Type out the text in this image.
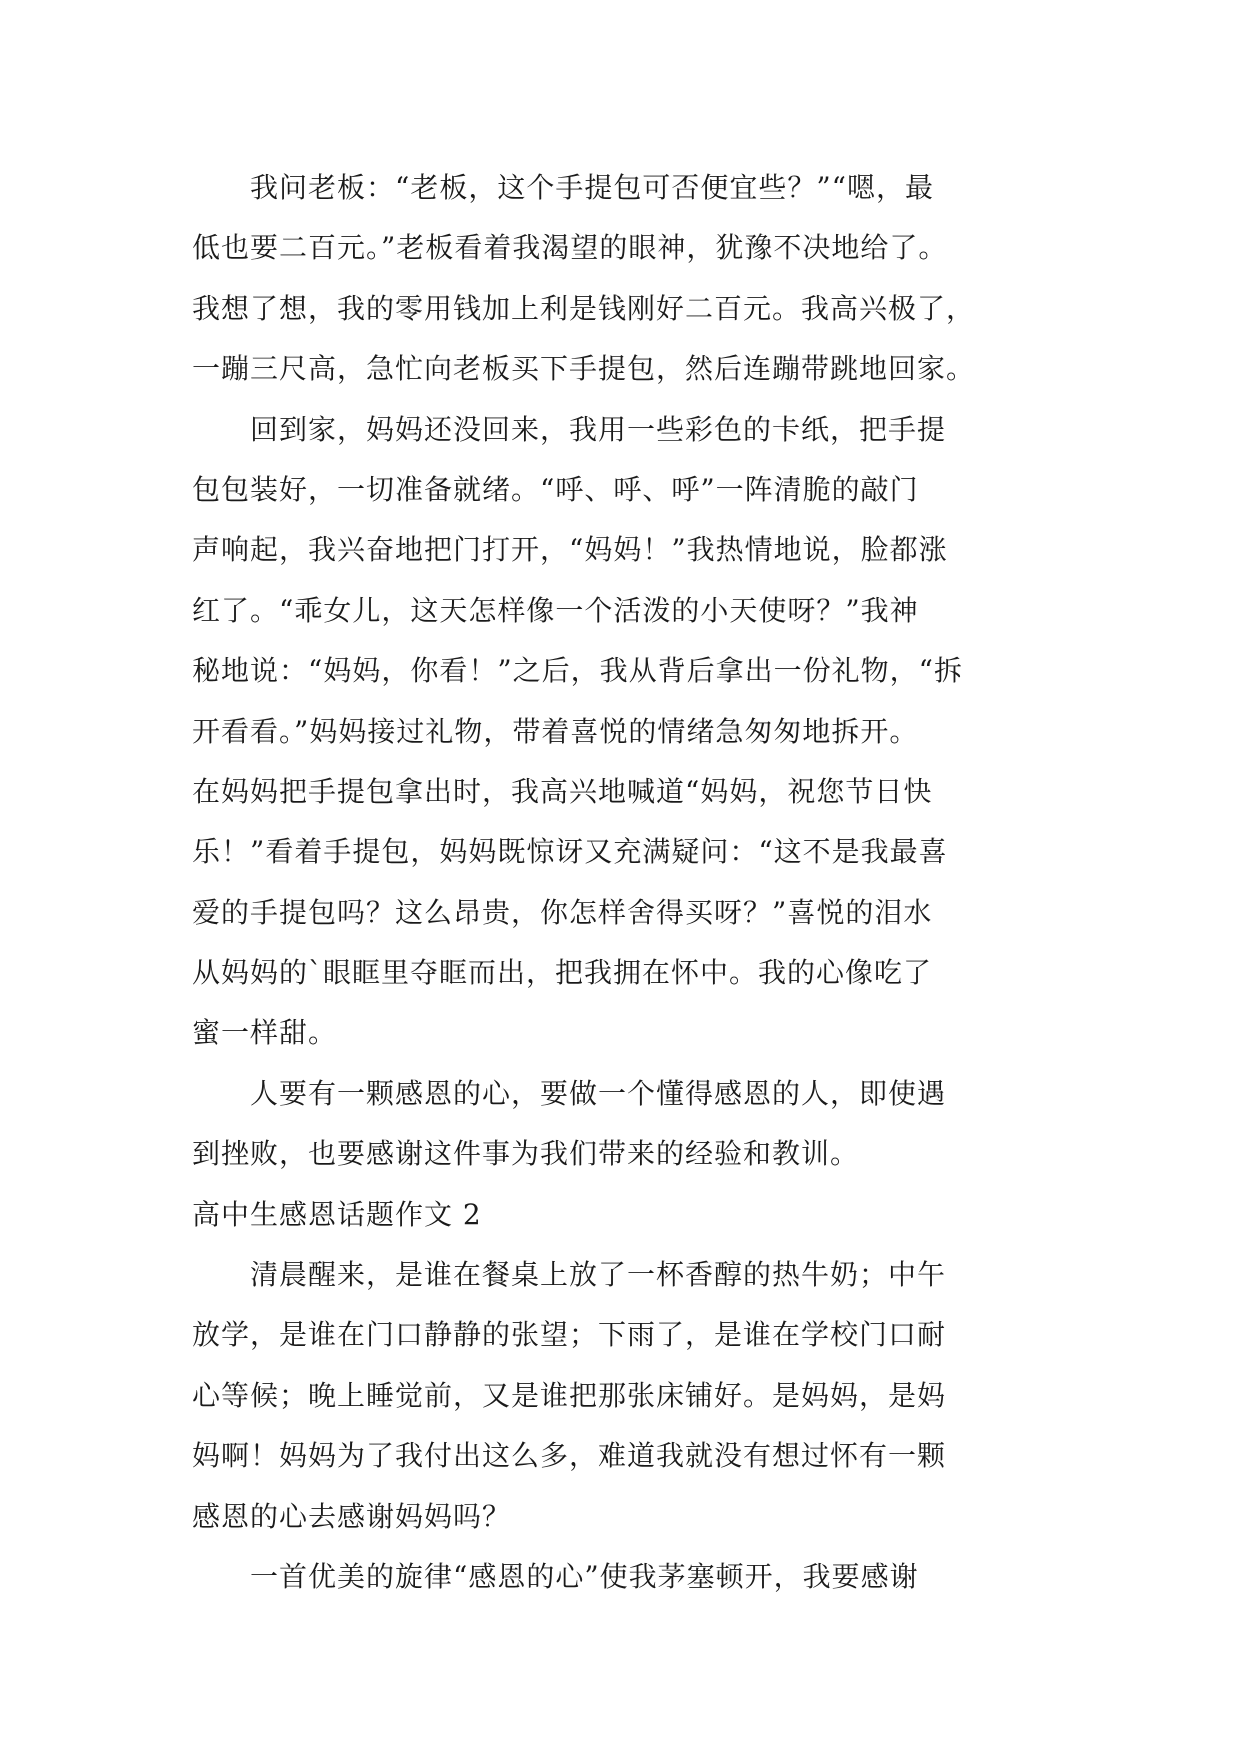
　　我问老板：“老板，这个手提包可否便宜些？”“嗯，最
低也要二百元。”老板看着我渴望的眼神，犹豫不决地给了。
我想了想，我的零用钱加上利是钱刚好二百元。我高兴极了，
一蹦三尺高，急忙向老板买下手提包，然后连蹦带跳地回家。
　　回到家，妈妈还没回来，我用一些彩色的卡纸，把手提
包包装好，一切准备就绪。“呼、呼、呼”一阵清脆的敲门
声响起，我兴奋地把门打开，“妈妈！”我热情地说，脸都涨
红了。“乖女儿，这天怎样像一个活泼的小天使呀？”我神
秘地说：“妈妈，你看！”之后，我从背后拿出一份礼物，“拆
开看看。”妈妈接过礼物，带着喜悦的情绪急匆匆地拆开。
在妈妈把手提包拿出时，我高兴地喊道“妈妈，祝您节日快
乐！”看着手提包，妈妈既惊讶又充满疑问：“这不是我最喜
爱的手提包吗？这么昂贵，你怎样舍得买呀？”喜悦的泪水
从妈妈的`眼眶里夺眶而出，把我拥在怀中。我的心像吃了
蜜一样甜。
　　人要有一颗感恩的心，要做一个懂得感恩的人，即使遇
到挫败，也要感谢这件事为我们带来的经验和教训。
高中生感恩话题作文 2
　　清晨醒来，是谁在餐桌上放了一杯香醇的热牛奶；中午
放学，是谁在门口静静的张望；下雨了，是谁在学校门口耐
心等候；晚上睡觉前，又是谁把那张床铺好。是妈妈，是妈
妈啊！妈妈为了我付出这么多，难道我就没有想过怀有一颗
感恩的心去感谢妈妈吗？
　　一首优美的旋律“感恩的心”使我茅塞顿开，我要感谢
